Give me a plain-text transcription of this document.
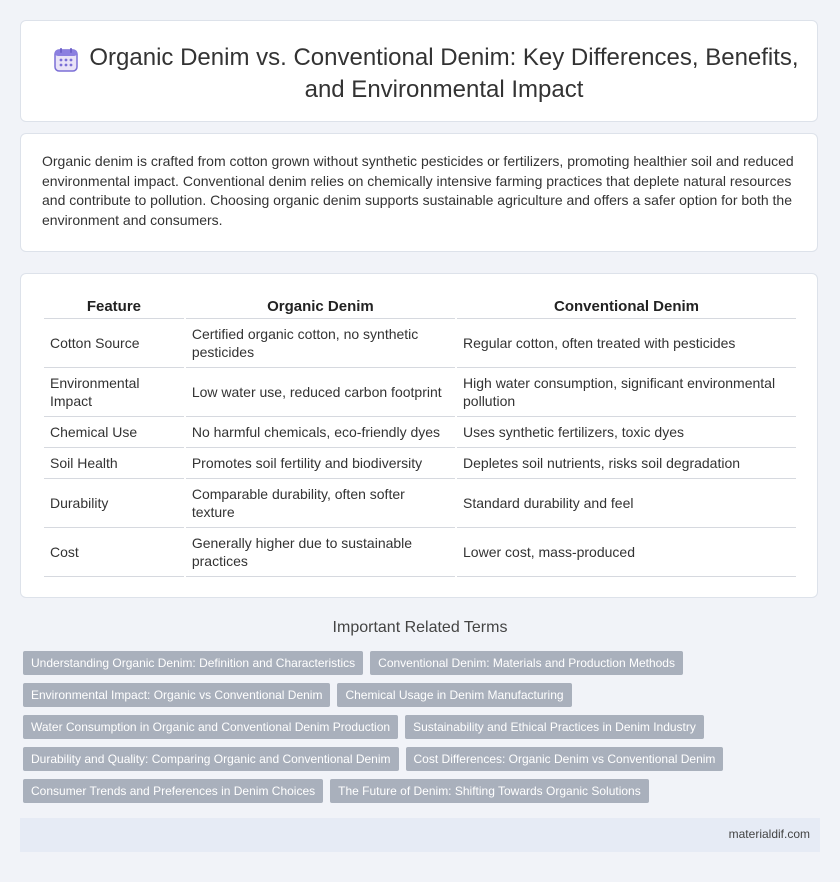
Organic Denim vs. Conventional Denim: Key Differences, Benefits, and Environmental Impact

Organic denim is crafted from cotton grown without synthetic pesticides or fertilizers, promoting healthier soil and reduced environmental impact. Conventional denim relies on chemically intensive farming practices that deplete natural resources and contribute to pollution. Choosing organic denim supports sustainable agriculture and offers a safer option for both the environment and consumers.

Feature	Organic Denim	Conventional Denim
Cotton Source	Certified organic cotton, no synthetic pesticides	Regular cotton, often treated with pesticides
Environmental Impact	Low water use, reduced carbon footprint	High water consumption, significant environmental pollution
Chemical Use	No harmful chemicals, eco-friendly dyes	Uses synthetic fertilizers, toxic dyes
Soil Health	Promotes soil fertility and biodiversity	Depletes soil nutrients, risks soil degradation
Durability	Comparable durability, often softer texture	Standard durability and feel
Cost	Generally higher due to sustainable practices	Lower cost, mass-produced
Important Related Terms
Understanding Organic Denim: Definition and Characteristics	Conventional Denim: Materials and Production Methods
Environmental Impact: Organic vs Conventional Denim	Chemical Usage in Denim Manufacturing
Water Consumption in Organic and Conventional Denim Production	Sustainability and Ethical Practices in Denim Industry
Durability and Quality: Comparing Organic and Conventional Denim	Cost Differences: Organic Denim vs Conventional Denim
Consumer Trends and Preferences in Denim Choices	The Future of Denim: Shifting Towards Organic Solutions
materialdif.com
